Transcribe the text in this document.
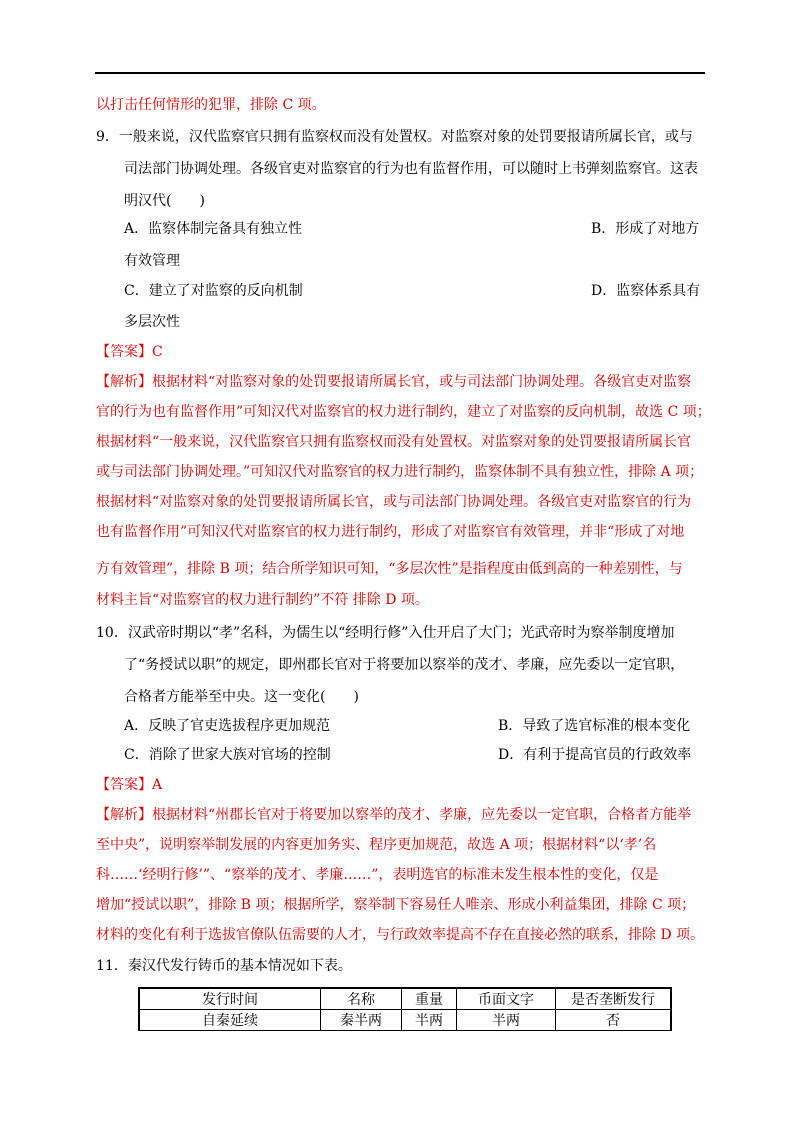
以打击任何情形的犯罪，排除 C 项。
9．一般来说，汉代监察官只拥有监察权而没有处置权。对监察对象的处罚要报请所属长官，或与
司法部门协调处理。各级官吏对监察官的行为也有监督作用，可以随时上书弹刻监察官。这表
明汉代(　　)
A．监察体制完备具有独立性	B．形成了对地方
有效管理
C．建立了对监察的反向机制	D．监察体系具有
多层次性
【答案】C
【解析】根据材料“对监察对象的处罚要报请所属长官，或与司法部门协调处理。各级官吏对监察
官的行为也有监督作用”可知汉代对监察官的权力进行制约，建立了对监察的反向机制，故选 C 项；
根据材料“一般来说，汉代监察官只拥有监察权而没有处置权。对监察对象的处罚要报请所属长官
或与司法部门协调处理。”可知汉代对监察官的权力进行制约，监察体制不具有独立性，排除 A 项；
根据材料“对监察对象的处罚要报请所属长官，或与司法部门协调处理。各级官吏对监察官的行为
也有监督作用”可知汉代对监察官的权力进行制约，形成了对监察官有效管理，并非“形成了对地
方有效管理”，排除 B 项；结合所学知识可知，“多层次性”是指程度由低到高的一种差别性，与
材料主旨“对监察官的权力进行制约”不符 排除 D 项。
10．汉武帝时期以“孝”名科，为儒生以“经明行修”入仕开启了大门；光武帝时为察举制度增加
了“务授试以职”的规定，即州郡长官对于将要加以察举的茂才、孝廉，应先委以一定官职，
合格者方能举至中央。这一变化(　　)
A．反映了官吏选拔程序更加规范	B．导致了选官标准的根本变化
C．消除了世家大族对官场的控制	D．有利于提高官员的行政效率
【答案】A
【解析】根据材料“州郡长官对于将要加以察举的茂才、孝廉，应先委以一定官职，合格者方能举
至中央”，说明察举制发展的内容更加务实、程序更加规范，故选 A 项；根据材料“以‘孝’名
科……‘经明行修’”、“察举的茂才、孝廉……”，表明选官的标准未发生根本性的变化，仅是
增加“授试以职”，排除 B 项；根据所学，察举制下容易任人唯亲、形成小利益集团，排除 C 项；
材料的变化有利于选拔官僚队伍需要的人才，与行政效率提高不存在直接必然的联系，排除 D 项。
11．秦汉代发行铸币的基本情况如下表。
发行时间	名称	重量	币面文字	是否垄断发行
自秦延续	秦半两	半两	半两	否
